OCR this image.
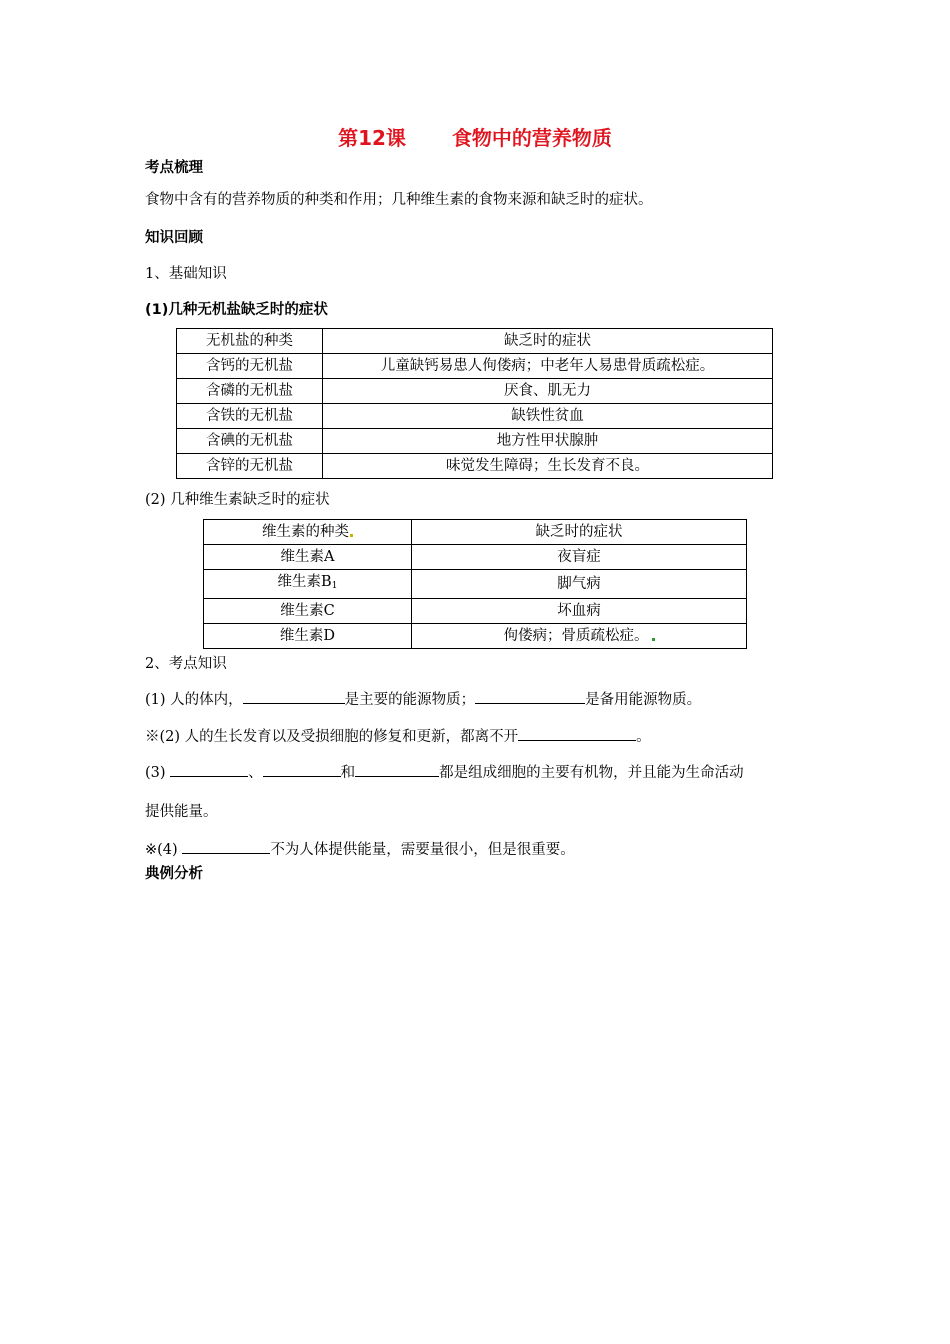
第12课 食物中的营养物质
考点梳理
食物中含有的营养物质的种类和作用；几种维生素的食物来源和缺乏时的症状。
知识回顾
1、基础知识
(1)几种无机盐缺乏时的症状
无机盐的种类	缺乏时的症状
含钙的无机盐	儿童缺钙易患人佝偻病；中老年人易患骨质疏松症。
含磷的无机盐	厌食、肌无力
含铁的无机盐	缺铁性贫血
含碘的无机盐	地方性甲状腺肿
含锌的无机盐	味觉发生障碍；生长发育不良。
(2) 几种维生素缺乏时的症状
维生素的种类	缺乏时的症状
维生素A	夜盲症
维生素$B_1$	脚气病
维生素C	坏血病
维生素D	佝偻病；骨质疏松症。
2、考点知识
(1) 人的体内，	是主要的能源物质；	是备用能源物质。
※(2) 人的生长发育以及受损细胞的修复和更新，都离不开	。
(3)	、	和	都是组成细胞的主要有机物，并且能为生命活动
提供能量。
※(4)	不为人体提供能量，需要量很小，但是很重要。
典例分析
